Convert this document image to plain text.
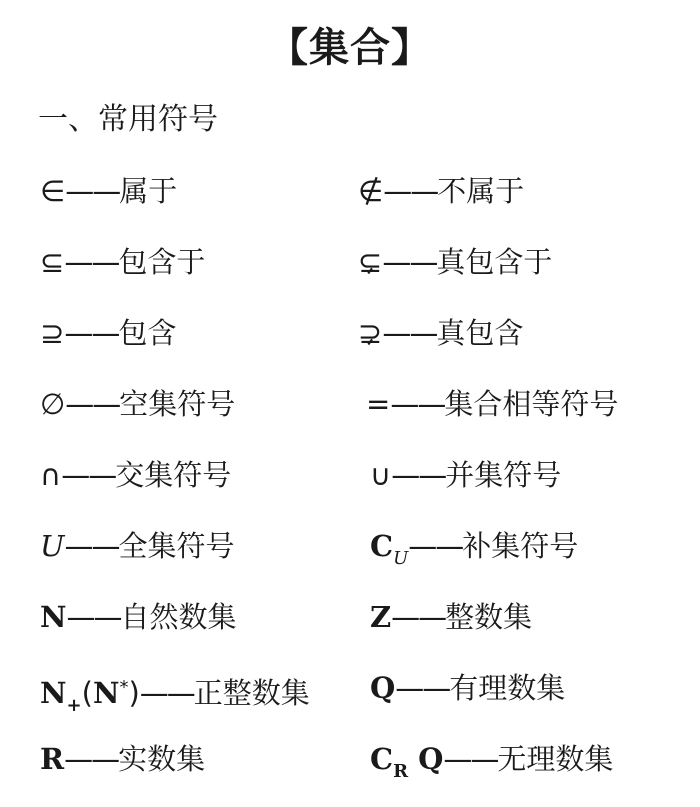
【集合】
一、常用符号
∈——属于	∉——不属于
⊆——包含于	⊊——真包含于
⊇——包含	⊋——真包含
∅——空集符号	=——集合相等符号
∩——交集符号	∪——并集符号
U——全集符号	$C_U——$补集符号
N——自然数集	Z——整数集
$N_+(N^*)——$正整数集 Q——有理数集
R——实数集	$C_R$ Q——无理数集
